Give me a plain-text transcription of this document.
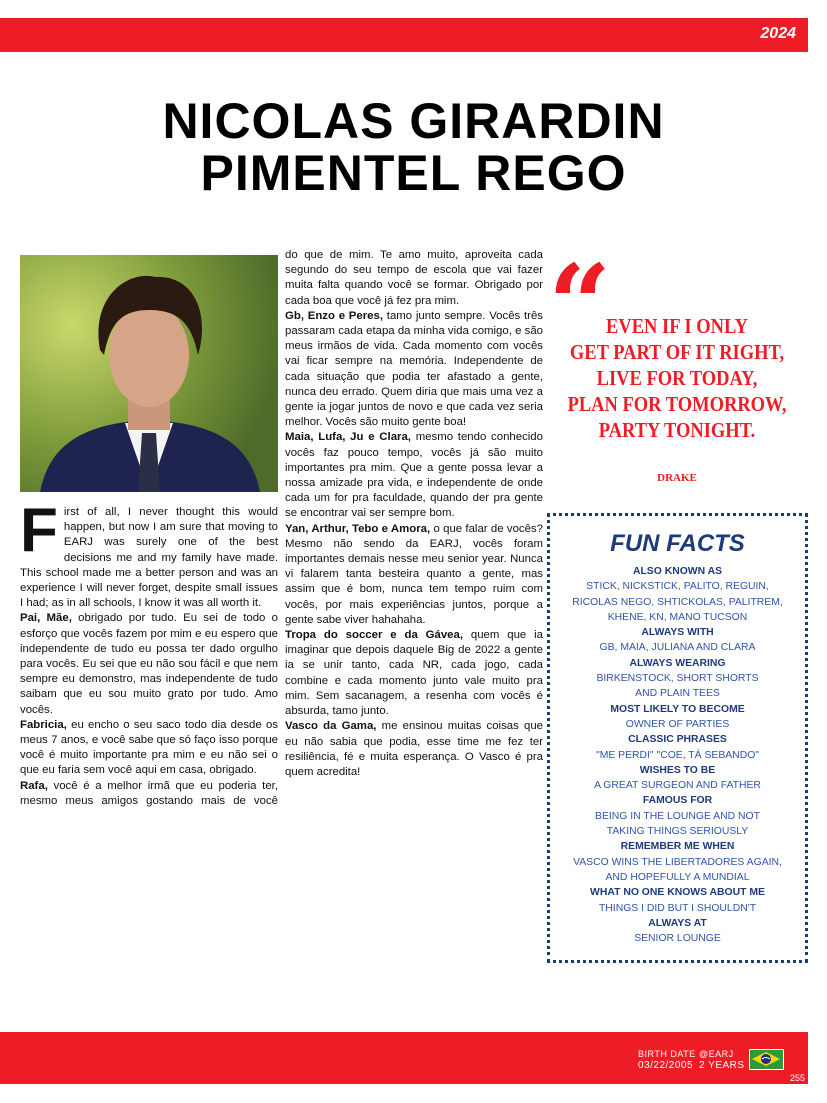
2024
NICOLAS GIRARDIN
PIMENTEL REGO

First of all, I never thought this would happen, but now I am sure that moving to EARJ was surely one of the best decisions me and my family have made. This school made me a better person and was an experience I will never forget, despite small issues I had; as in all schools, I know it was all worth it.

Pai, Mãe, obrigado por tudo. Eu sei de todo o esforço que vocês fazem por mim e eu espero que independente de tudo eu possa ter dado orgulho para vocês. Eu sei que eu não sou fácil e que nem sempre eu demonstro, mas independente de tudo saibam que eu sou muito grato por tudo. Amo vocês.

Fabricia, eu encho o seu saco todo dia desde os meus 7 anos, e você sabe que só faço isso porque você é muito importante pra mim e eu não sei o que eu faria sem você aqui em casa, obrigado.

Rafa, você é a melhor irmã que eu poderia ter, mesmo meus amigos gostando mais de você

do que de mim. Te amo muito, aproveita cada segundo do seu tempo de escola que vai fazer muita falta quando você se formar. Obrigado por cada boa que você já fez pra mim.

Gb, Enzo e Peres, tamo junto sempre. Vocês três passaram cada etapa da minha vida comigo, e são meus irmãos de vida. Cada momento com vocês vai ficar sempre na memória. Independente de cada situação que podia ter afastado a gente, nunca deu errado. Quem diria que mais uma vez a gente ia jogar juntos de novo e que cada vez seria melhor. Vocês são muito gente boa!

Maia, Lufa, Ju e Clara, mesmo tendo conhecido vocês faz pouco tempo, vocês já são muito importantes pra mim. Que a gente possa levar a nossa amizade pra vida, e independente de onde cada um for pra faculdade, quando der pra gente se encontrar vai ser sempre bom.

Yan, Arthur, Tebo e Amora, o que falar de vocês? Mesmo não sendo da EARJ, vocês foram importantes demais nesse meu senior year. Nunca vi falarem tanta besteira quanto a gente, mas assim que é bom, nunca tem tempo ruim com vocês, por mais experiências juntos, porque a gente sabe viver hahahaha.

Tropa do soccer e da Gávea, quem que ia imaginar que depois daquele Big de 2022 a gente ia se unir tanto, cada NR, cada jogo, cada combine e cada momento junto vale muito pra mim. Sem sacanagem, a resenha com vocês é absurda, tamo junto.

Vasco da Gama, me ensinou muitas coisas que eu não sabia que podia, esse time me fez ter resiliência, fé e muita esperança. O Vasco é pra quem acredita!

“
EVEN IF I ONLY
GET PART OF IT RIGHT,
LIVE FOR TODAY,
PLAN FOR TOMORROW,
PARTY TONIGHT.
DRAKE
FUN FACTS
ALSO KNOWN AS
STICK, NICKSTICK, PALITO, REGUIN,
RICOLAS NEGO, SHTICKOLAS, PALITREM,
KHENE, KN, MANO TUCSON
ALWAYS WITH
GB, MAIA, JULIANA AND CLARA
ALWAYS WEARING
BIRKENSTOCK, SHORT SHORTS
AND PLAIN TEES
MOST LIKELY TO BECOME
OWNER OF PARTIES
CLASSIC PHRASES
"ME PERDI" "COE, TÁ SEBANDO"
WISHES TO BE
A GREAT SURGEON AND FATHER
FAMOUS FOR
BEING IN THE LOUNGE AND NOT
TAKING THINGS SERIOUSLY
REMEMBER ME WHEN
VASCO WINS THE LIBERTADORES AGAIN,
AND HOPEFULLY A MUNDIAL
WHAT NO ONE KNOWS ABOUT ME
THINGS I DID BUT I SHOULDN'T
ALWAYS AT
SENIOR LOUNGE
BIRTH DATE
03/22/2005
@EARJ
2 YEARS
255
